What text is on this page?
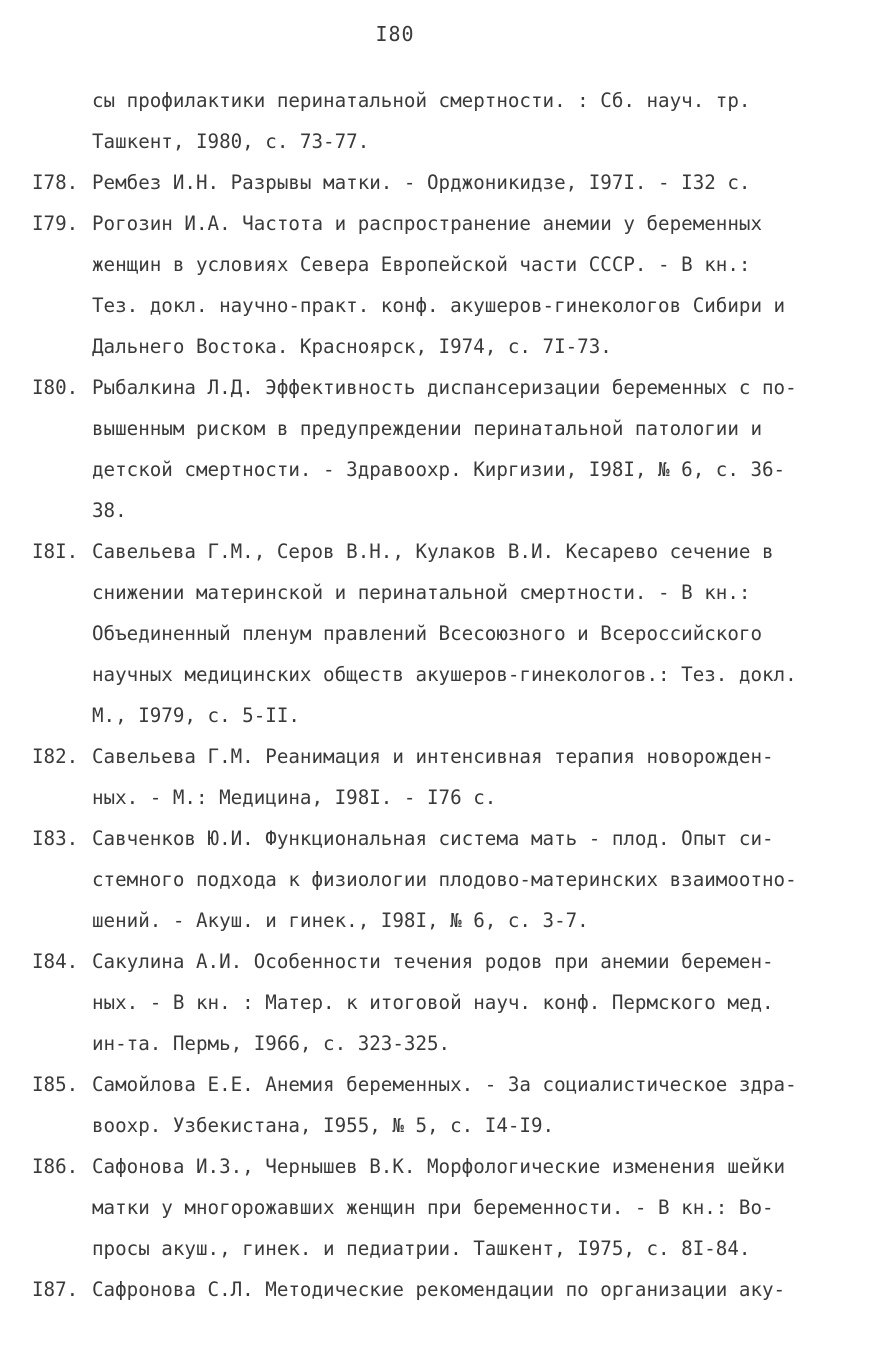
I80
сы профилактики перинатальной смертности. : Сб. науч. тр.
Ташкент, I980, с. 73-77.
I78. Рембез И.Н. Разрывы матки. - Орджоникидзе, I97I. - I32 с.
I79. Рогозин И.А. Частота и распространение анемии у беременных
женщин в условиях Севера Европейской части СССР. - В кн.:
Тез. докл. научно-практ. конф. акушеров-гинекологов Сибири и
Дальнего Востока. Красноярск, I974, с. 7I-73.
I80. Рыбалкина Л.Д. Эффективность диспансеризации беременных с по-
вышенным риском в предупреждении перинатальной патологии и
детской смертности. - Здравоохр. Киргизии, I98I, № 6, с. 36-
38.
I8I. Савельева Г.М., Серов В.Н., Кулаков В.И. Кесарево сечение в
снижении материнской и перинатальной смертности. - В кн.:
Объединенный пленум правлений Всесоюзного и Всероссийского
научных медицинских обществ акушеров-гинекологов.: Тез. докл.
М., I979, с. 5-II.
I82. Савельева Г.М. Реанимация и интенсивная терапия новорожден-
ных. - М.: Медицина, I98I. - I76 с.
I83. Савченков Ю.И. Функциональная система мать - плод. Опыт си-
стемного подхода к физиологии плодово-материнских взаимоотно-
шений. - Акуш. и гинек., I98I, № 6, с. 3-7.
I84. Сакулина А.И. Особенности течения родов при анемии беремен-
ных. - В кн. : Матер. к итоговой науч. конф. Пермского мед.
ин-та. Пермь, I966, с. 323-325.
I85. Самойлова Е.Е. Анемия беременных. - За социалистическое здра-
воохр. Узбекистана, I955, № 5, с. I4-I9.
I86. Сафонова И.З., Чернышев В.К. Морфологические изменения шейки
матки у многорожавших женщин при беременности. - В кн.: Во-
просы акуш., гинек. и педиатрии. Ташкент, I975, с. 8I-84.
I87. Сафронова С.Л. Методические рекомендации по организации аку-
